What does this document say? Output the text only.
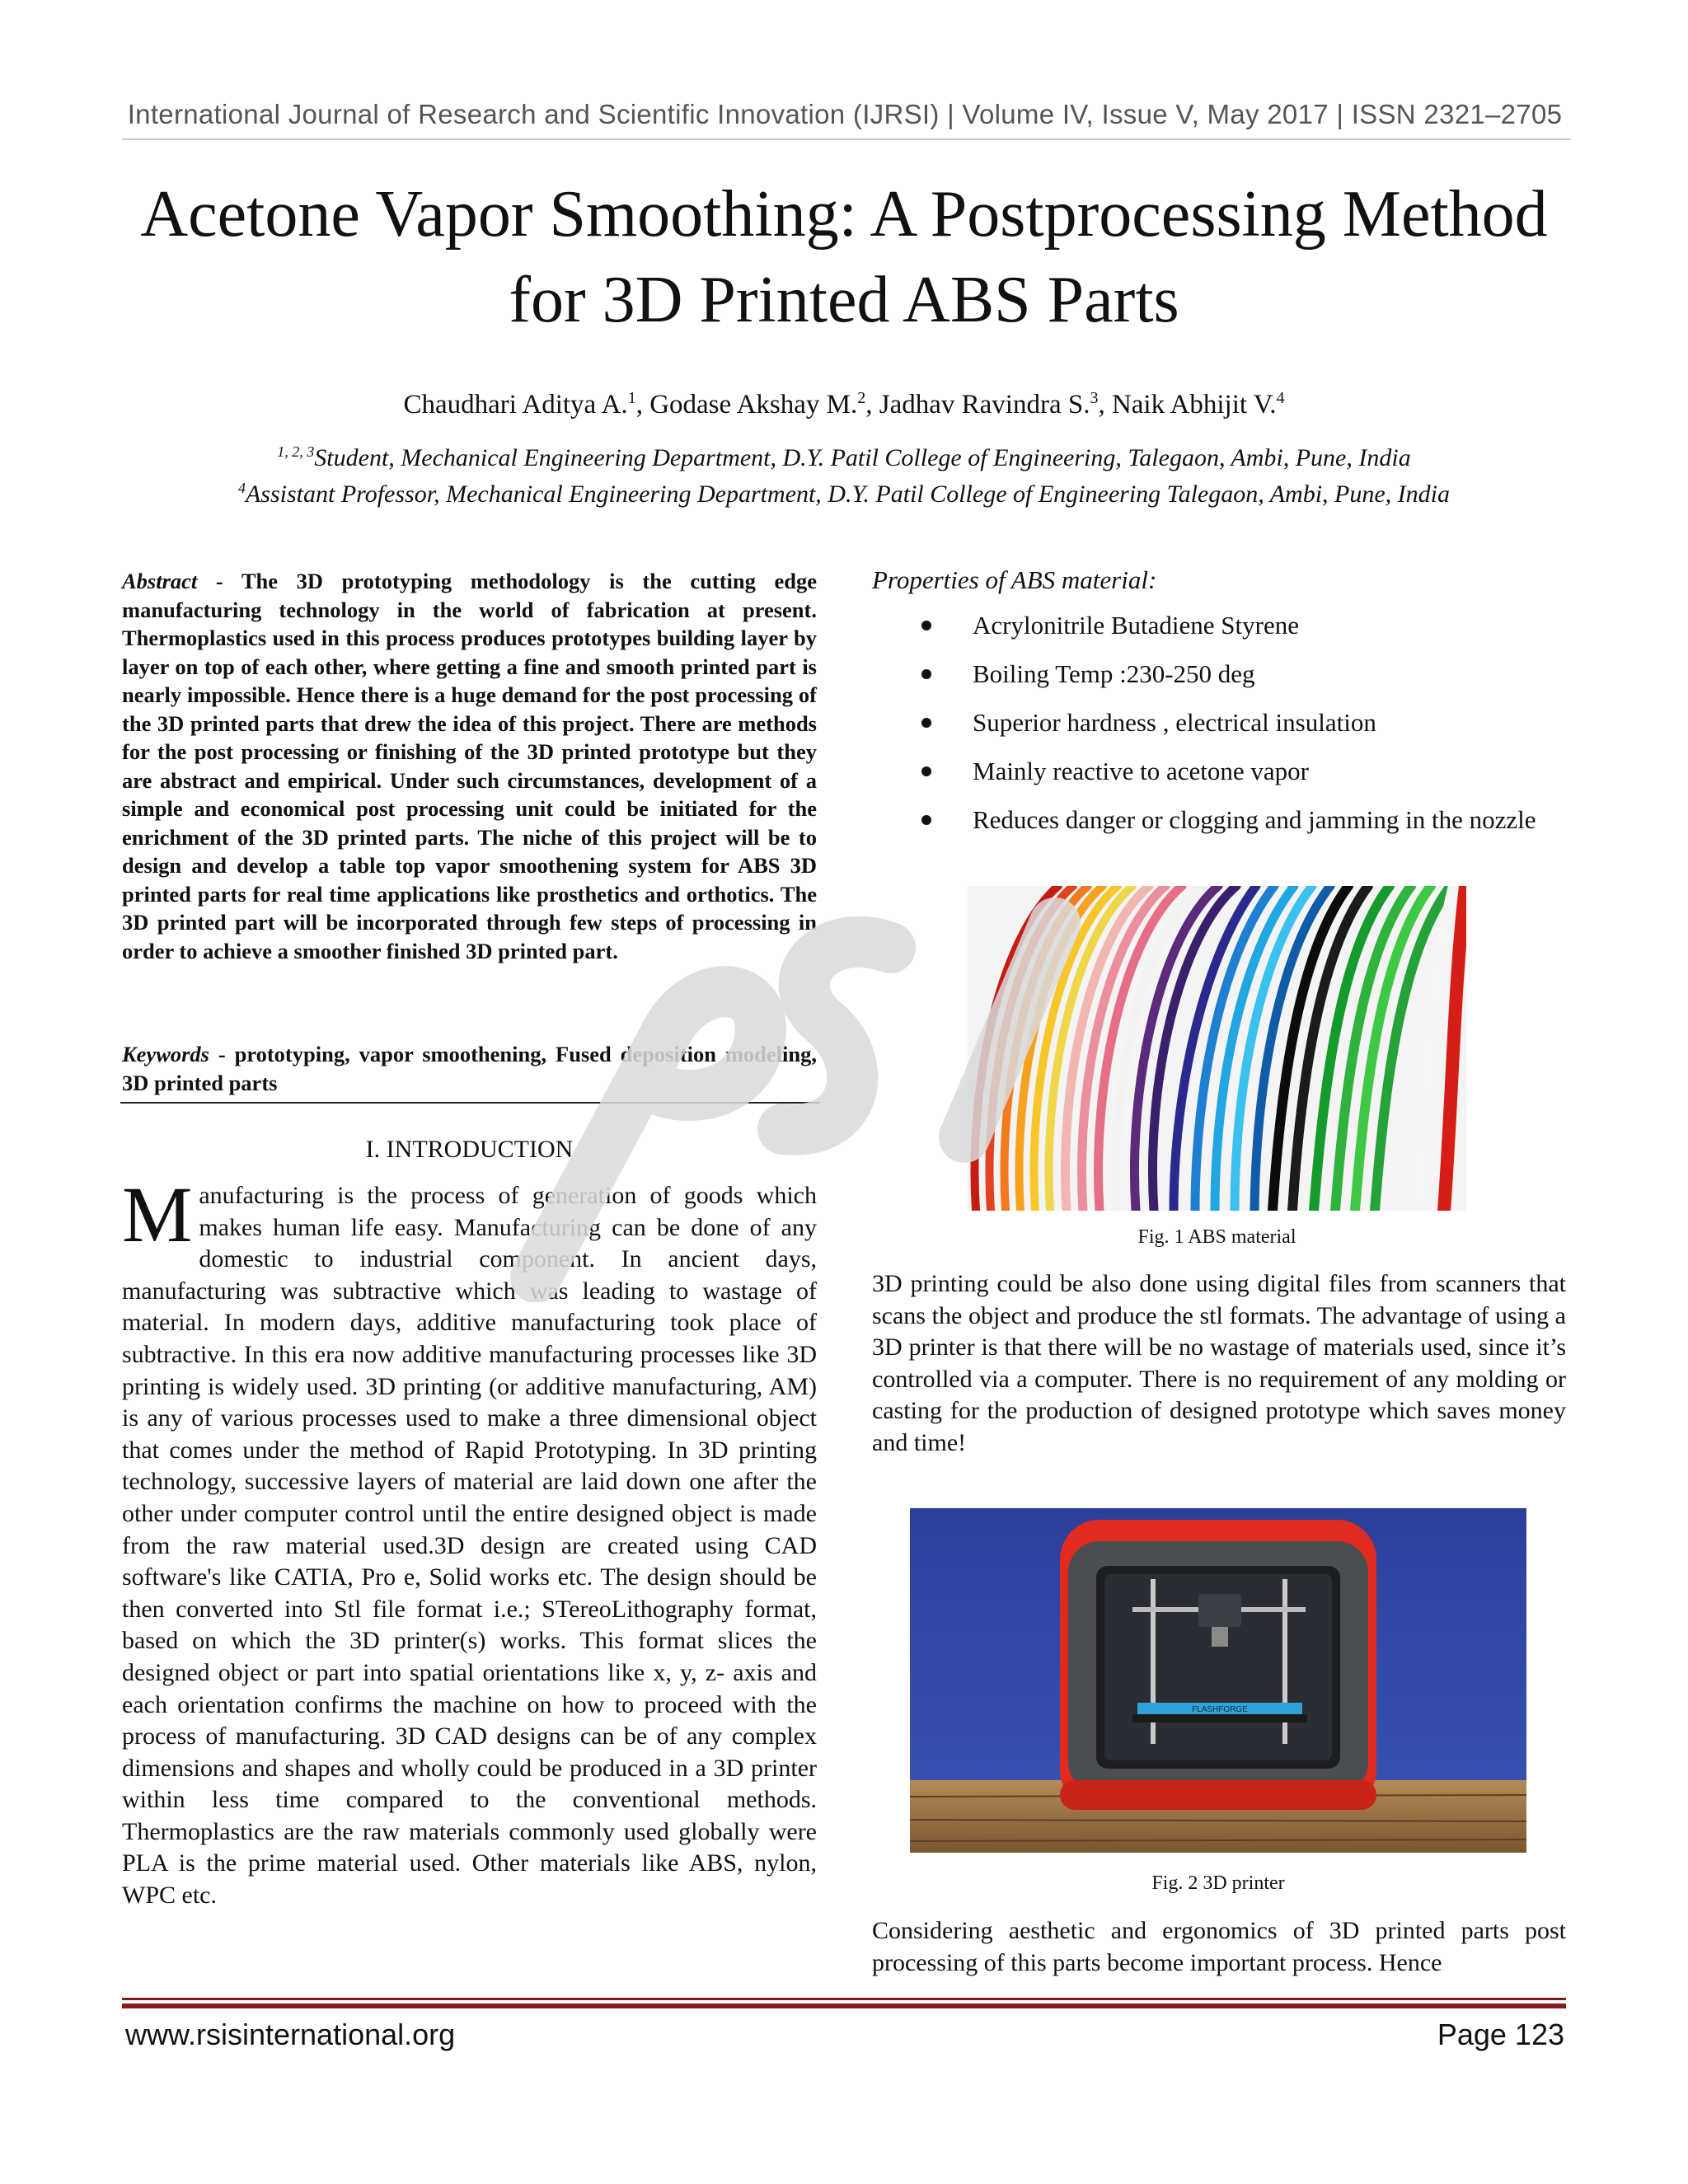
International Journal of Research and Scientific Innovation (IJRSI) | Volume IV, Issue V, May 2017 | ISSN 2321–2705
Acetone Vapor Smoothing: A Postprocessing Method
for 3D Printed ABS Parts
Chaudhari Aditya A.$^1$, Godase Akshay M.$^2$, Jadhav Ravindra S.$^3$, Naik Abhijit V.$^4$
$^{1, 2, 3}$Student, Mechanical Engineering Department, D.Y. Patil College of Engineering, Talegaon, Ambi, Pune, India
$^4$Assistant Professor, Mechanical Engineering Department, D.Y. Patil College of Engineering Talegaon, Ambi, Pune, India
Abstract - The 3D prototyping methodology is the cutting edge manufacturing technology in the world of fabrication at present. Thermoplastics used in this process produces prototypes building layer by layer on top of each other, where getting a fine and smooth printed part is nearly impossible. Hence there is a huge demand for the post processing of the 3D printed parts that drew the idea of this project. There are methods for the post processing or finishing of the 3D printed prototype but they are abstract and empirical. Under such circumstances, development of a simple and economical post processing unit could be initiated for the enrichment of the 3D printed parts. The niche of this project will be to design and develop a table top vapor smoothening system for ABS 3D printed parts for real time applications like prosthetics and orthotics. The 3D printed part will be incorporated through few steps of processing in order to achieve a smoother finished 3D printed part.
Keywords - prototyping, vapor smoothening, Fused deposition modeling, 3D printed parts
I. INTRODUCTION
Manufacturing is the process of generation of goods which makes human life easy. Manufacturing can be done of any domestic to industrial component. In ancient days, manufacturing was subtractive which was leading to wastage of material. In modern days, additive manufacturing took place of subtractive. In this era now additive manufacturing processes like 3D printing is widely used. 3D printing (or additive manufacturing, AM) is any of various processes used to make a three dimensional object that comes under the method of Rapid Prototyping. In 3D printing technology, successive layers of material are laid down one after the other under computer control until the entire designed object is made from the raw material used.3D design are created using CAD software's like CATIA, Pro e, Solid works etc. The design should be then converted into Stl file format i.e.; STereoLithography format, based on which the 3D printer(s) works. This format slices the designed object or part into spatial orientations like x, y, z- axis and each orientation confirms the machine on how to proceed with the process of manufacturing. 3D CAD designs can be of any complex dimensions and shapes and wholly could be produced in a 3D printer within less time compared to the conventional methods. Thermoplastics are the raw materials commonly used globally were PLA is the prime material used. Other materials like ABS, nylon, WPC etc.
Properties of ABS material:
Acrylonitrile Butadiene Styrene
Boiling Temp :230-250 deg
Superior hardness , electrical insulation
Mainly reactive to acetone vapor
Reduces danger or clogging and jamming in the nozzle
Fig. 1 ABS material
3D printing could be also done using digital files from scanners that scans the object and produce the stl formats. The advantage of using a 3D printer is that there will be no wastage of materials used, since it’s controlled via a computer. There is no requirement of any molding or casting for the production of designed prototype which saves money and time!
FLASHFORGE
Fig. 2 3D printer
Considering aesthetic and ergonomics of 3D printed parts post processing of this parts become important process. Hence
www.rsisinternational.org	Page 123
